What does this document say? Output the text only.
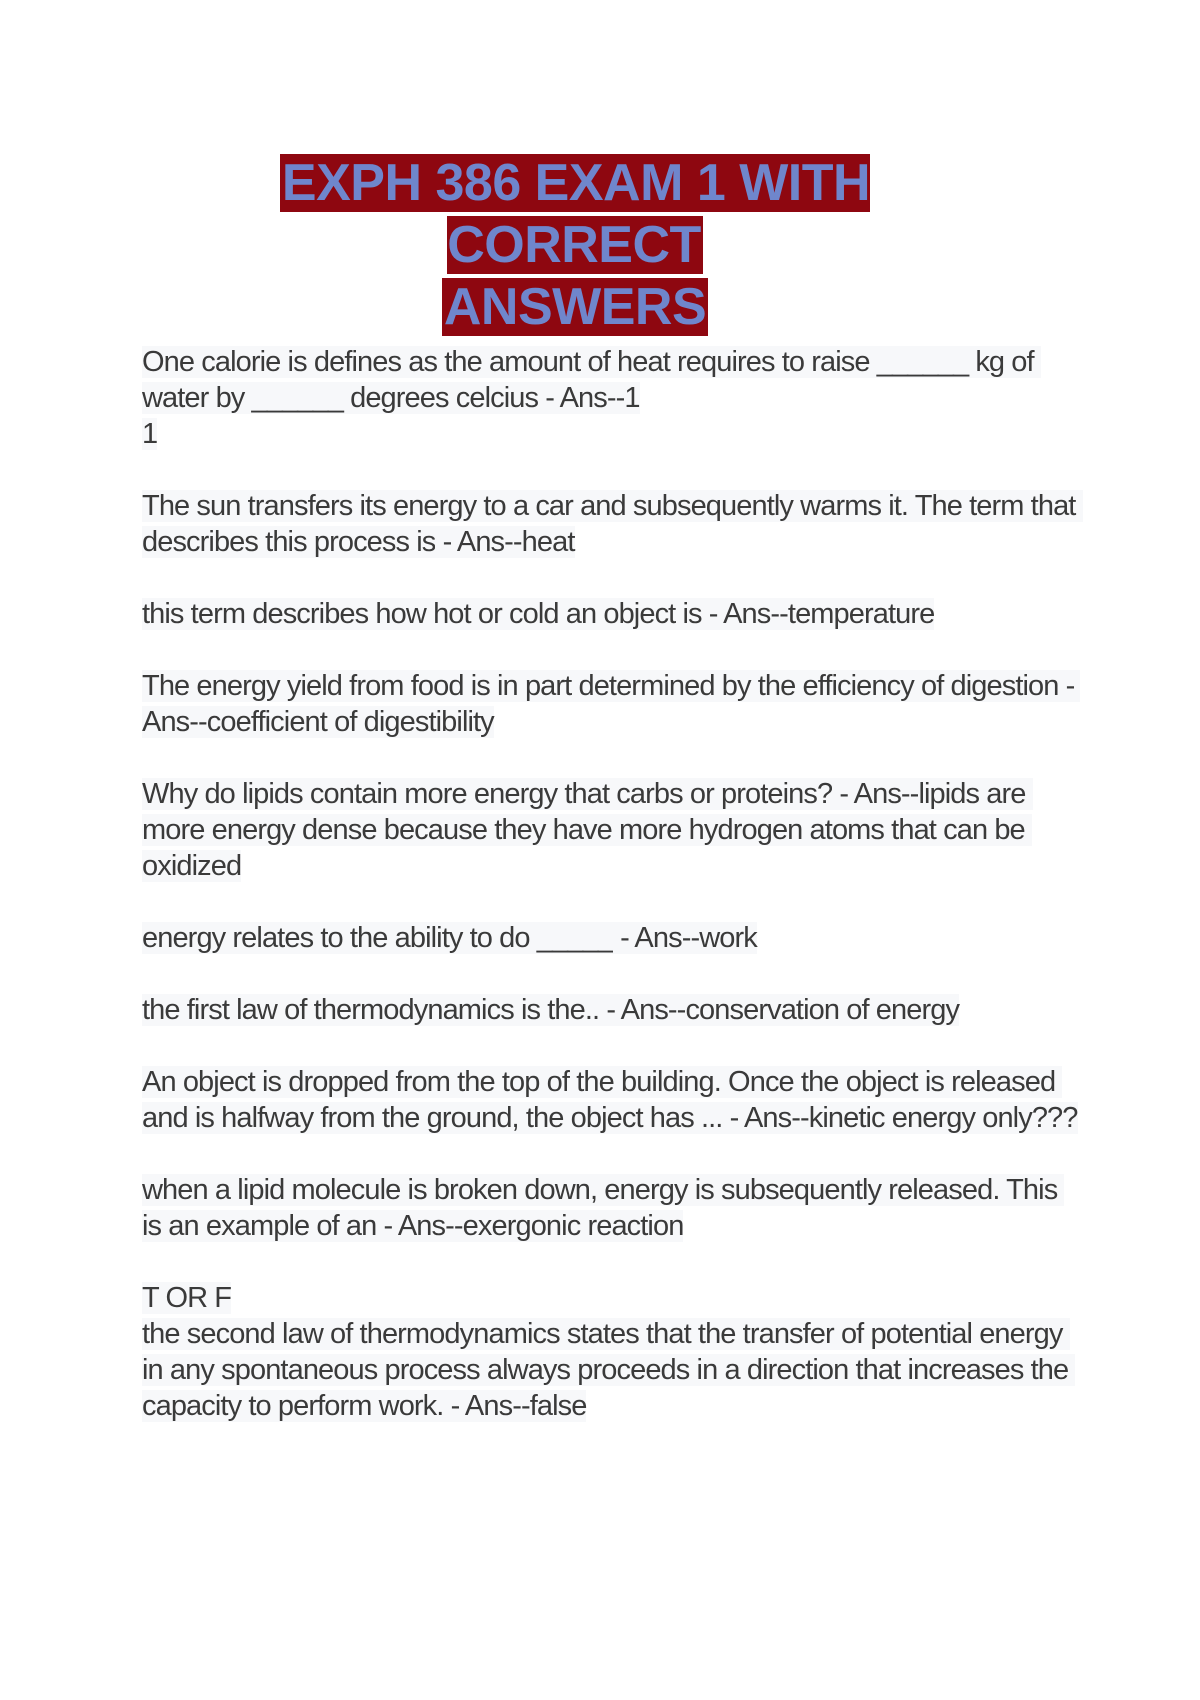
EXPH 386 EXAM 1 WITH CORRECT
ANSWERS
One calorie is defines as the amount of heat requires to raise ______ kg of water by ______ degrees celcius - Ans--1
1
The sun transfers its energy to a car and subsequently warms it. The term that describes this process is - Ans--heat
this term describes how hot or cold an object is - Ans--temperature
The energy yield from food is in part determined by the efficiency of digestion - Ans--coefficient of digestibility
Why do lipids contain more energy that carbs or proteins? - Ans--lipids are more energy dense because they have more hydrogen atoms that can be oxidized
energy relates to the ability to do _____ - Ans--work
the first law of thermodynamics is the.. - Ans--conservation of energy
An object is dropped from the top of the building. Once the object is released and is halfway from the ground, the object has ... - Ans--kinetic energy only???
when a lipid molecule is broken down, energy is subsequently released. This is an example of an - Ans--exergonic reaction
T OR F
the second law of thermodynamics states that the transfer of potential energy in any spontaneous process always proceeds in a direction that increases the capacity to perform work. - Ans--false
